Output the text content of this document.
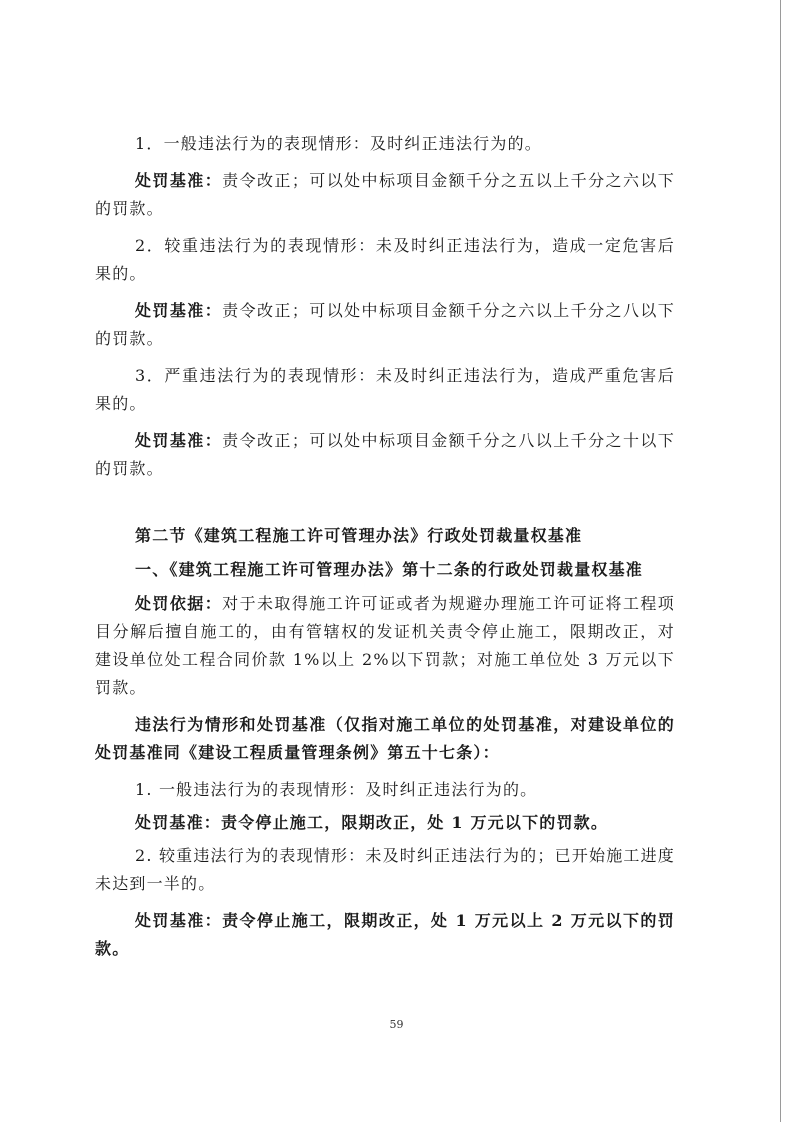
1．一般违法行为的表现情形：及时纠正违法行为的。

处罚基准：责令改正；可以处中标项目金额千分之五以上千分之六以下的罚款。

2．较重违法行为的表现情形：未及时纠正违法行为，造成一定危害后果的。

处罚基准：责令改正；可以处中标项目金额千分之六以上千分之八以下的罚款。

3．严重违法行为的表现情形：未及时纠正违法行为，造成严重危害后果的。

处罚基准：责令改正；可以处中标项目金额千分之八以上千分之十以下的罚款。

第二节《建筑工程施工许可管理办法》行政处罚裁量权基准

一、《建筑工程施工许可管理办法》第十二条的行政处罚裁量权基准

处罚依据：对于未取得施工许可证或者为规避办理施工许可证将工程项目分解后擅自施工的，由有管辖权的发证机关责令停止施工，限期改正，对建设单位处工程合同价款 1%以上 2%以下罚款；对施工单位处 3 万元以下罚款。

违法行为情形和处罚基准（仅指对施工单位的处罚基准，对建设单位的处罚基准同《建设工程质量管理条例》第五十七条）：

1. 一般违法行为的表现情形：及时纠正违法行为的。

处罚基准：责令停止施工，限期改正，处 1 万元以下的罚款。

2. 较重违法行为的表现情形：未及时纠正违法行为的；已开始施工进度未达到一半的。

处罚基准：责令停止施工，限期改正，处 1 万元以上 2 万元以下的罚款。

59
